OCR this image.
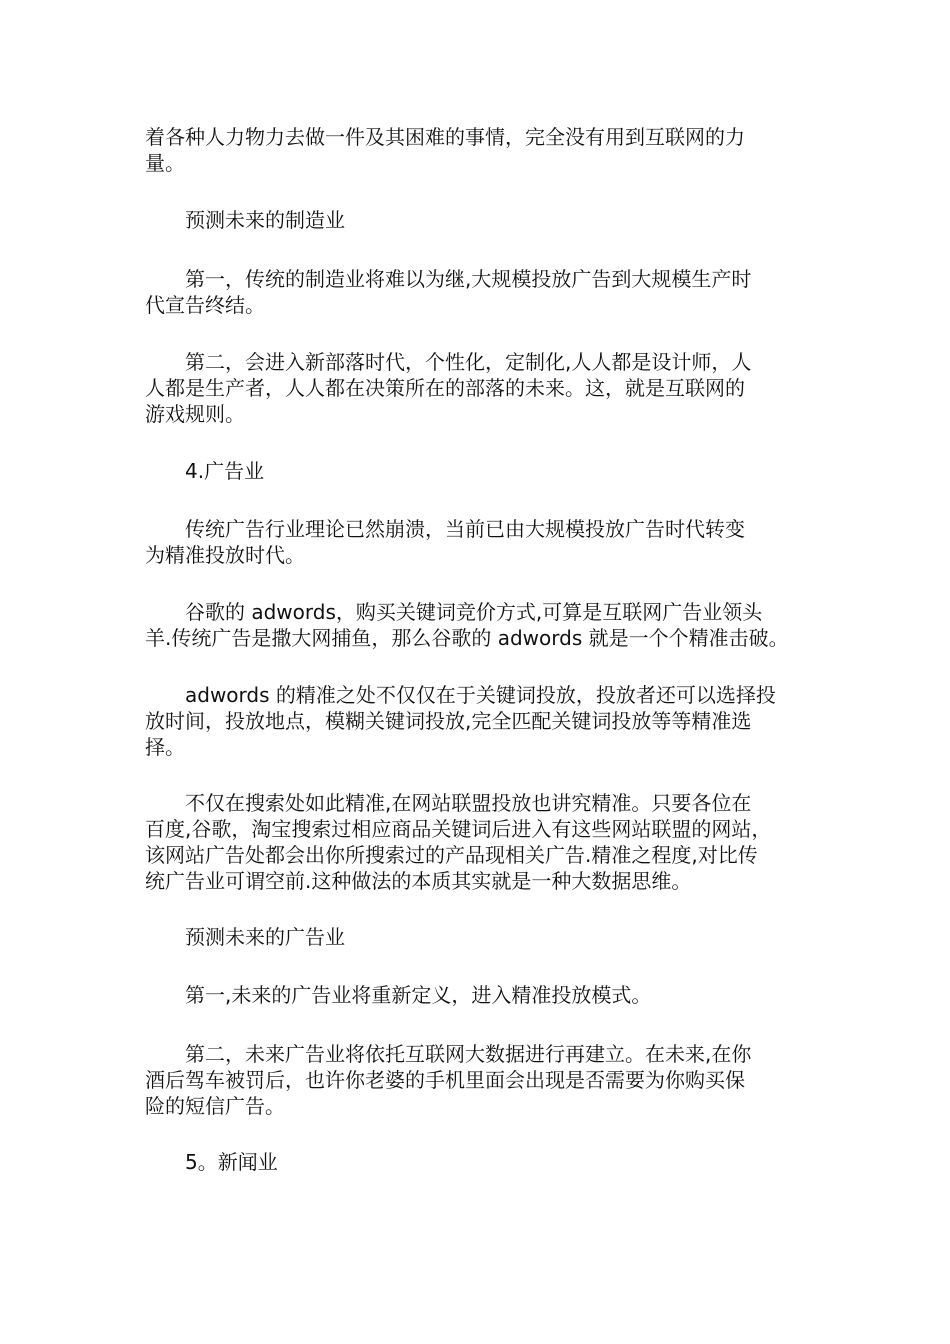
着各种人力物力去做一件及其困难的事情，完全没有用到互联网的力
量。
预测未来的制造业
第一，传统的制造业将难以为继,大规模投放广告到大规模生产时
代宣告终结。
第二，会进入新部落时代，个性化，定制化,人人都是设计师，人
人都是生产者，人人都在决策所在的部落的未来。这，就是互联网的
游戏规则。
4.广告业
传统广告行业理论已然崩溃，当前已由大规模投放广告时代转变
为精准投放时代。
谷歌的 adwords，购买关键词竞价方式,可算是互联网广告业领头
羊.传统广告是撒大网捕鱼，那么谷歌的 adwords 就是一个个精准击破。
adwords 的精准之处不仅仅在于关键词投放，投放者还可以选择投
放时间，投放地点，模糊关键词投放,完全匹配关键词投放等等精准选
择。
不仅在搜索处如此精准,在网站联盟投放也讲究精准。只要各位在
百度,谷歌，淘宝搜索过相应商品关键词后进入有这些网站联盟的网站，
该网站广告处都会出你所搜索过的产品现相关广告.精准之程度,对比传
统广告业可谓空前.这种做法的本质其实就是一种大数据思维。
预测未来的广告业
第一,未来的广告业将重新定义，进入精准投放模式。
第二，未来广告业将依托互联网大数据进行再建立。在未来,在你
酒后驾车被罚后，也许你老婆的手机里面会出现是否需要为你购买保
险的短信广告。
5。新闻业
